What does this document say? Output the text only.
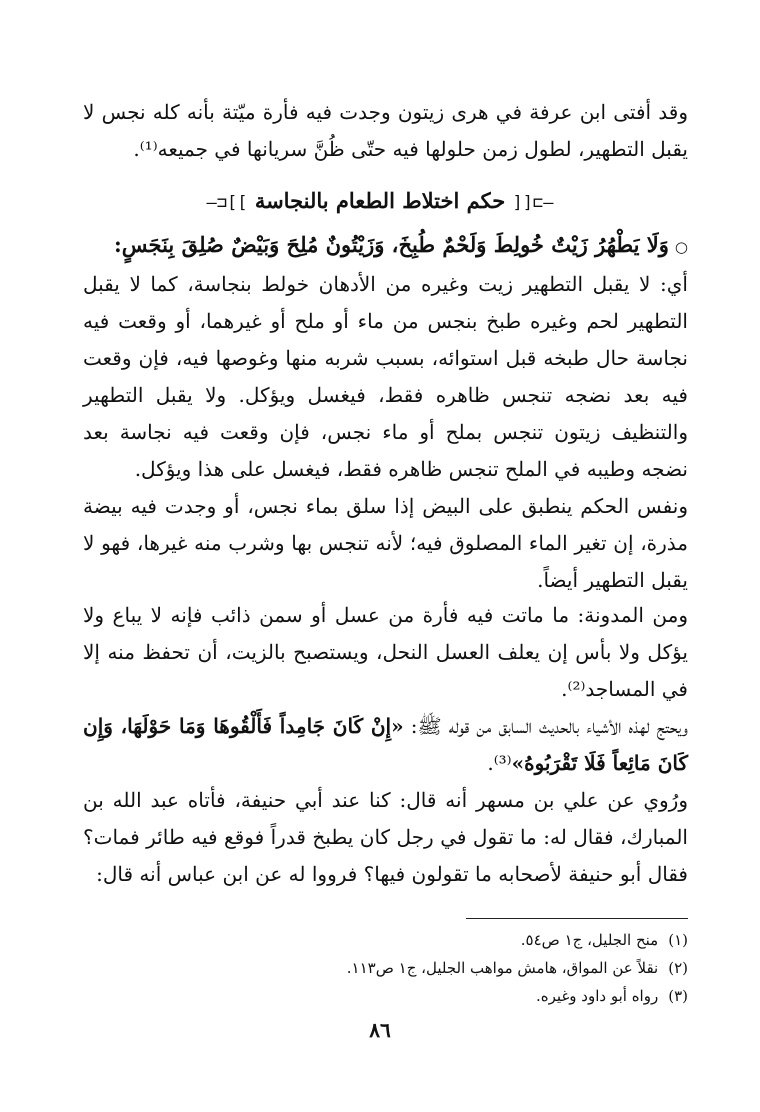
وقد أفتى ابن عرفة في هرى زيتون وجدت فيه فأرة ميّتة بأنه كله نجس لا يقبل التطهير، لطول زمن حلولها فيه حتّى ظُنَّ سريانها في جميعه⁽¹⁾.

—⊐[[ حكم اختلاط الطعام بالنجاسة ]]⊏—
○وَلَا يَطْهُرُ زَيْتٌ خُولِطَ وَلَحْمٌ طُبِخَ، وَزَيْتُونٌ مُلِحَ وَبَيْضٌ صُلِقَ بِنَجَسٍ:

أي: لا يقبل التطهير زيت وغيره من الأدهان خولط بنجاسة، كما لا يقبل التطهير لحم وغيره طبخ بنجس من ماء أو ملح أو غيرهما، أو وقعت فيه نجاسة حال طبخه قبل استوائه، بسبب شربه منها وغوصها فيه، فإن وقعت فيه بعد نضجه تنجس ظاهره فقط، فيغسل ويؤكل. ولا يقبل التطهير والتنظيف زيتون تنجس بملح أو ماء نجس، فإن وقعت فيه نجاسة بعد نضجه وطيبه في الملح تنجس ظاهره فقط، فيغسل على هذا ويؤكل.

ونفس الحكم ينطبق على البيض إذا سلق بماء نجس، أو وجدت فيه بيضة مذرة، إن تغير الماء المصلوق فيه؛ لأنه تنجس بها وشرب منه غيرها، فهو لا يقبل التطهير أيضاً.

ومن المدونة: ما ماتت فيه فأرة من عسل أو سمن ذائب فإنه لا يباع ولا يؤكل ولا بأس إن يعلف العسل النحل، ويستصبح بالزيت، أن تحفظ منه إلا في المساجد⁽²⁾.

ويحتج لهذه الأشياء بالحديث السابق من قوله ﷺ: «إِنْ كَانَ جَامِداً فَأَلْقُوهَا وَمَا حَوْلَهَا، وَإِن كَانَ مَائِعاً فَلَا تَقْرَبُوهُ»⁽³⁾.

ورُوي عن علي بن مسهر أنه قال: كنا عند أبي حنيفة، فأتاه عبد الله بن المبارك، فقال له: ما تقول في رجل كان يطبخ قدراً فوقع فيه طائر فمات؟ فقال أبو حنيفة لأصحابه ما تقولون فيها؟ فرووا له عن ابن عباس أنه قال:

(١)منح الجليل، ج١ ص٥٤.
(٢)نقلاً عن المواق، هامش مواهب الجليل، ج١ ص١١٣.
(٣)رواه أبو داود وغيره.
٨٦
